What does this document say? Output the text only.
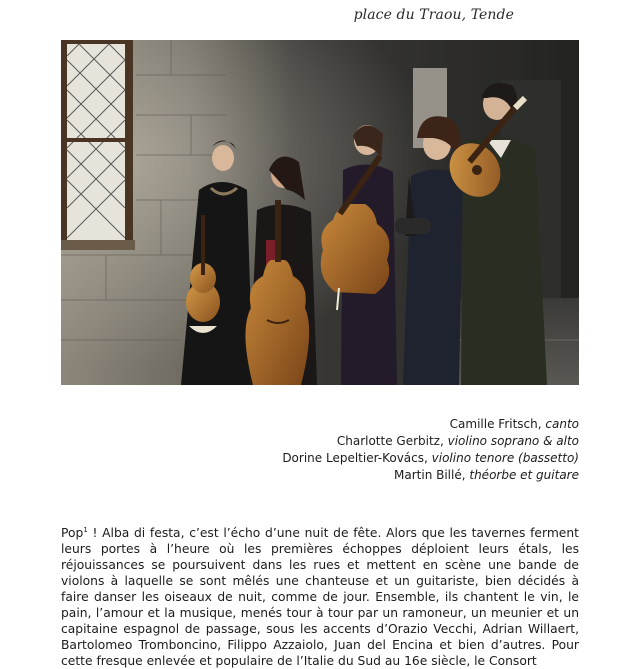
place du Traou, Tende
Camille Fritsch, canto
Charlotte Gerbitz, violino soprano & alto
Dorine Lepeltier-Kovács, violino tenore (bassetto)
Martin Billé, théorbe et guitare
Pop$^1$ ! Alba di festa, c’est l’écho d’une nuit de fête. Alors que les tavernes ferment leurs portes à l’heure où les premières échoppes déploient leurs étals, les réjouissances se poursuivent dans les rues et mettent en scène une bande de violons à laquelle se sont mêlés une chanteuse et un guitariste, bien décidés à faire danser les oiseaux de nuit, comme de jour. Ensemble, ils chantent le vin, le pain, l’amour et la musique, menés tour à tour par un ramoneur, un meunier et un capitaine espagnol de passage, sous les accents d’Orazio Vecchi, Adrian Willaert, Bartolomeo Tromboncino, Filippo Azzaiolo, Juan del Encina et bien d’autres. Pour cette fresque enlevée et populaire de l’Italie du Sud au 16e siècle, le Consort
